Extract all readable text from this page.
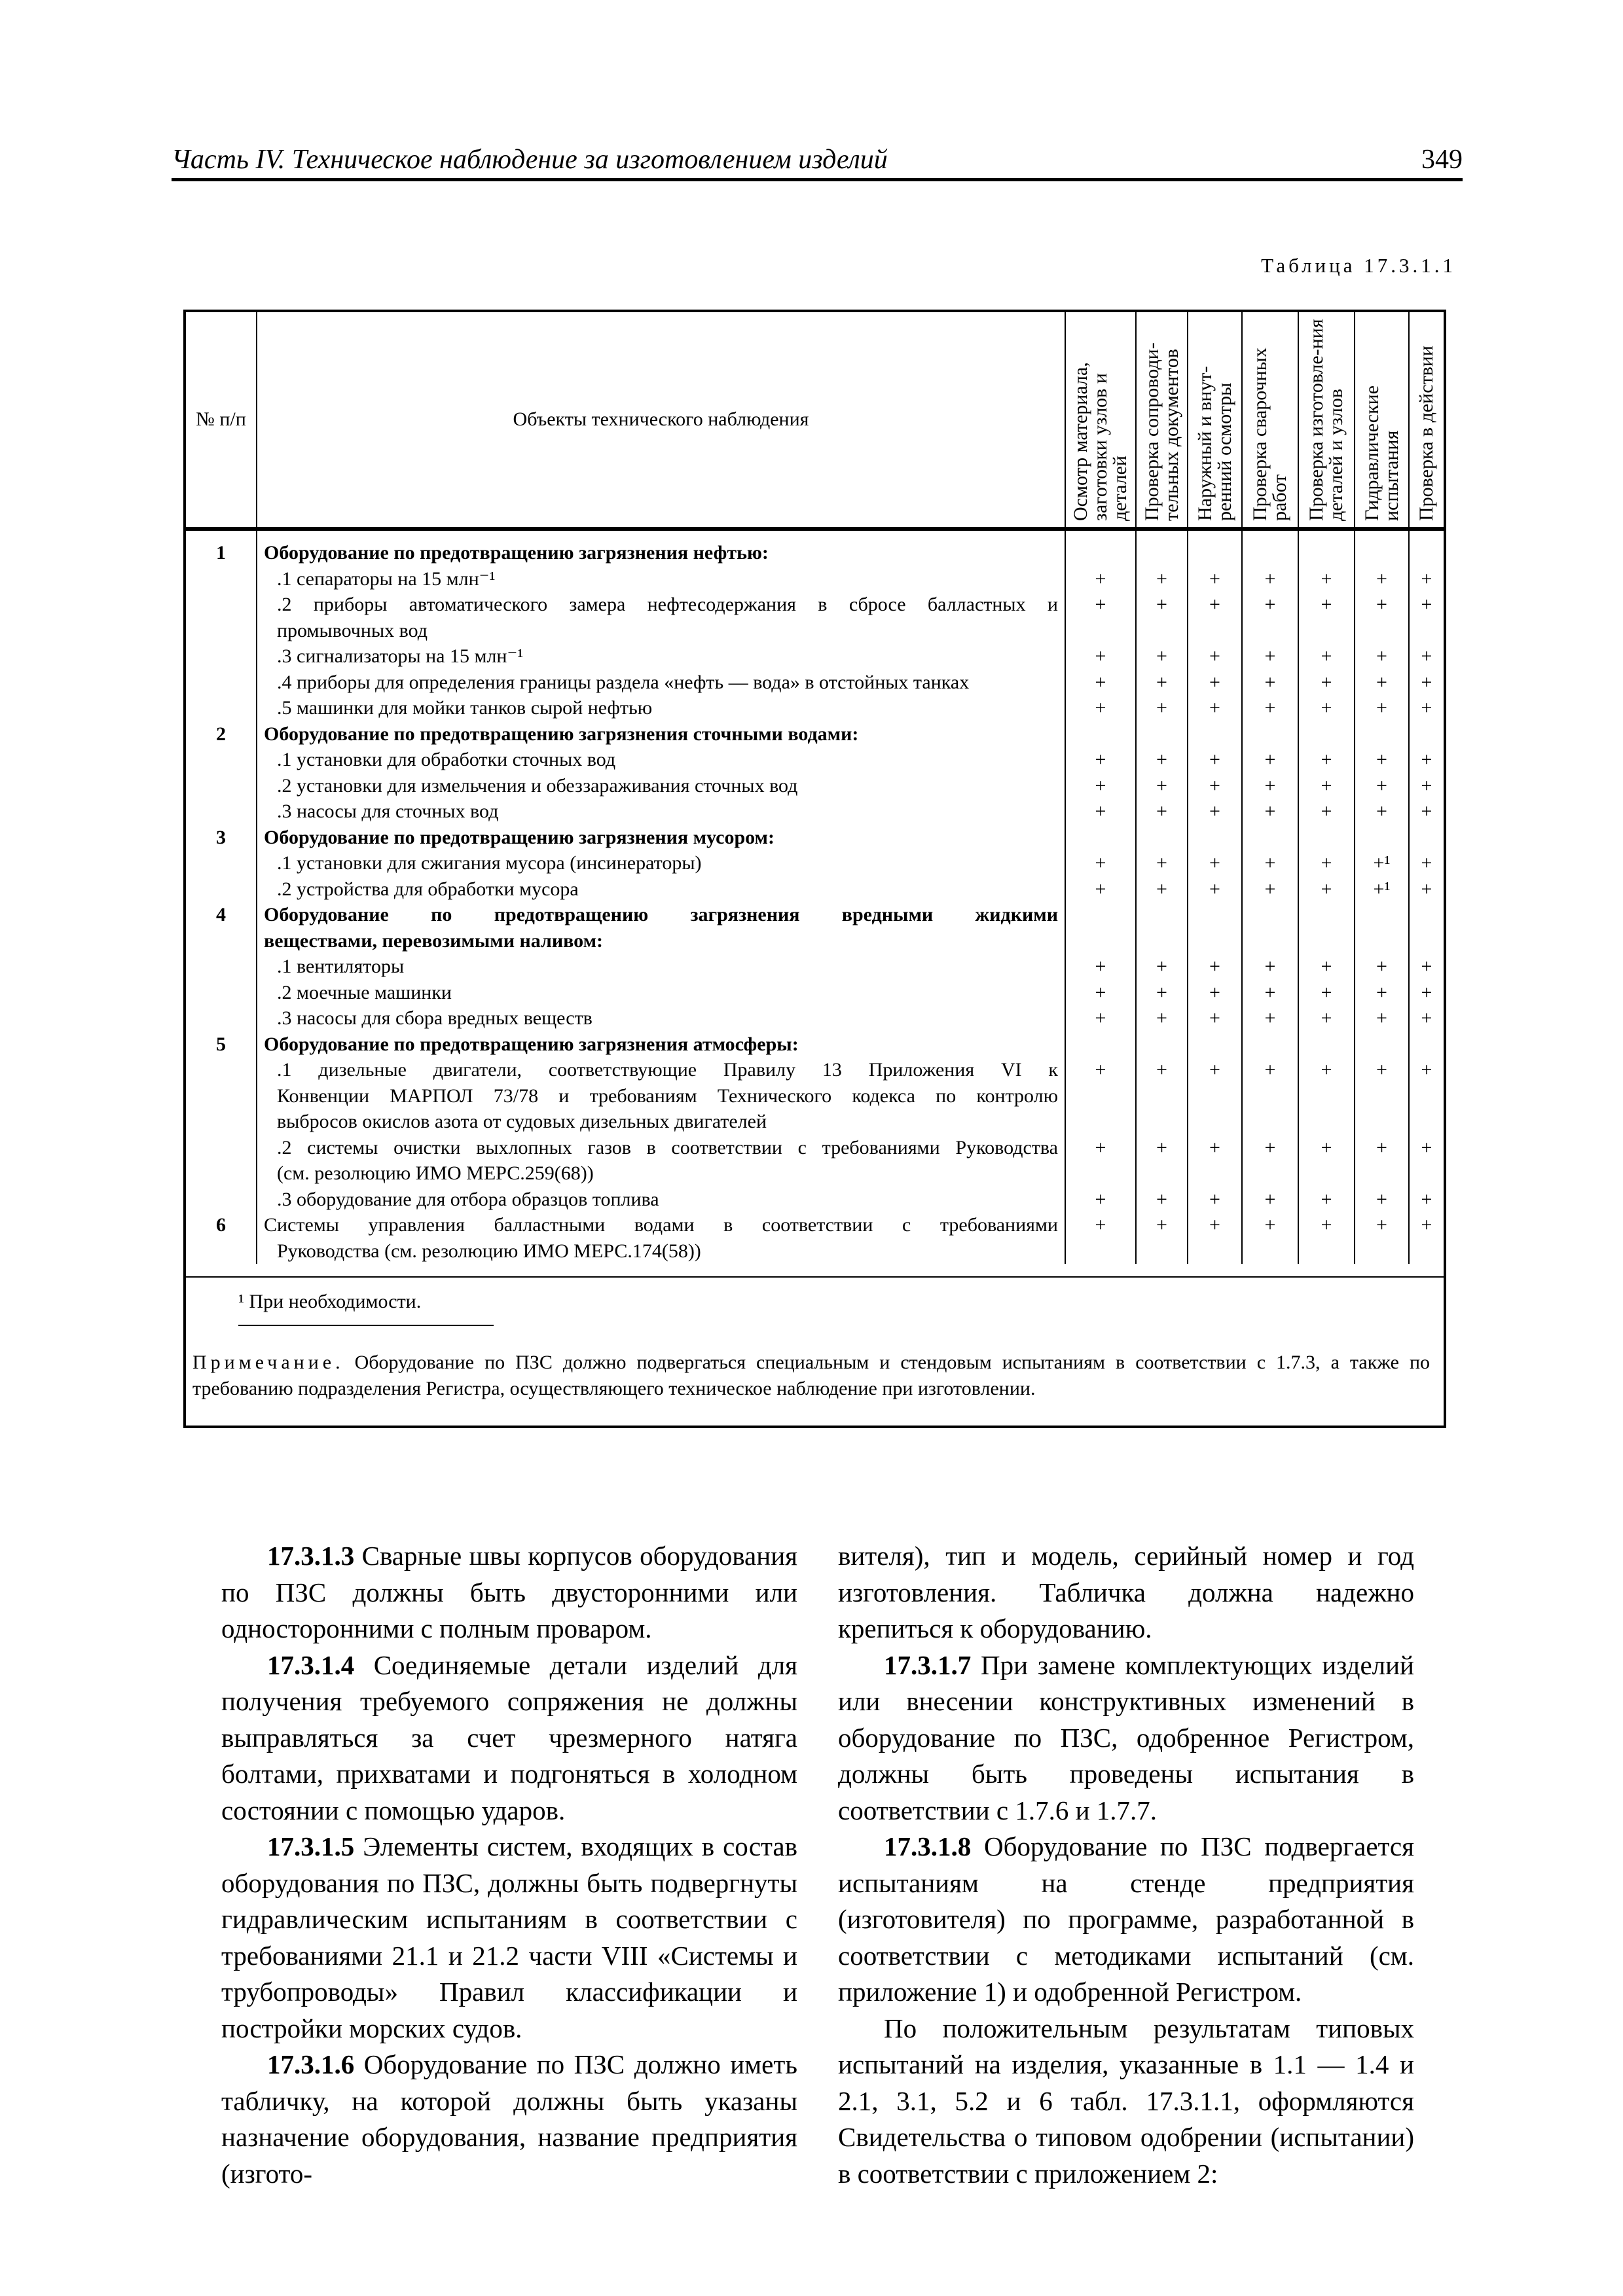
Часть IV. Техническое наблюдение за изготовлением изделий	349
Таблица 17.3.1.1
№ п/п	Объекты технического наблюдения	Осмотр материала, заготовки узлов и деталей	Проверка сопроводи-тельных документов	Наружный и внут-ренний осмотры	Проверка сварочных работ	Проверка изготовле-ния деталей и узлов	Гидравлические испытания	Проверка в действии

1	Оборудование по предотвращению загрязнения нефтью:							
	.1 сепараторы на 15 млн⁻¹	+	+	+	+	+	+	+
	.2 приборы автоматического замера нефтесодержания в сбросе балластных и	+	+	+	+	+	+	+
	промывочных вод							
	.3 сигнализаторы на 15 млн⁻¹	+	+	+	+	+	+	+
	.4 приборы для определения границы раздела «нефть — вода» в отстойных танках	+	+	+	+	+	+	+
	.5 машинки для мойки танков сырой нефтью	+	+	+	+	+	+	+
2	Оборудование по предотвращению загрязнения сточными водами:							
	.1 установки для обработки сточных вод	+	+	+	+	+	+	+
	.2 установки для измельчения и обеззараживания сточных вод	+	+	+	+	+	+	+
	.3 насосы для сточных вод	+	+	+	+	+	+	+
3	Оборудование по предотвращению загрязнения мусором:							
	.1 установки для сжигания мусора (инсинераторы)	+	+	+	+	+	+¹	+
	.2 устройства для обработки мусора	+	+	+	+	+	+¹	+
4	Оборудование по предотвращению загрязнения вредными жидкими							
	веществами, перевозимыми наливом:							
	.1 вентиляторы	+	+	+	+	+	+	+
	.2 моечные машинки	+	+	+	+	+	+	+
	.3 насосы для сбора вредных веществ	+	+	+	+	+	+	+
5	Оборудование по предотвращению загрязнения атмосферы:							
	.1 дизельные двигатели, соответствующие Правилу 13 Приложения VI к	+	+	+	+	+	+	+
	Конвенции МАРПОЛ 73/78 и требованиям Технического кодекса по контролю							
	выбросов окислов азота от судовых дизельных двигателей							
	.2 системы очистки выхлопных газов в соответствии с требованиями Руководства	+	+	+	+	+	+	+
	(см. резолюцию ИМО МЕРС.259(68))							
	.3 оборудование для отбора образцов топлива	+	+	+	+	+	+	+
6	Системы управления балластными водами в соответствии с требованиями	+	+	+	+	+	+	+
	Руководства (см. резолюцию ИМО МЕРС.174(58))							
¹ При необходимости.
Примечание. Оборудование по ПЗС должно подвергаться специальным и стендовым испытаниям в соответствии с 1.7.3, а также по требованию подразделения Регистра, осуществляющего техническое наблюдение при изготовлении.

17.3.1.3 Сварные швы корпусов оборудования по ПЗС должны быть двусторонними или односторонними с полным проваром.

17.3.1.4 Соединяемые детали изделий для получения требуемого сопряжения не должны выправляться за счет чрезмерного натяга болтами, прихватами и подгоняться в холодном состоянии с помощью ударов.

17.3.1.5 Элементы систем, входящих в состав оборудования по ПЗС, должны быть подвергнуты гидравлическим испытаниям в соответствии с требованиями 21.1 и 21.2 части VIII «Системы и трубопроводы» Правил классификации и постройки морских судов.

17.3.1.6 Оборудование по ПЗС должно иметь табличку, на которой должны быть указаны назначение оборудования, название предприятия (изгото-

вителя), тип и модель, серийный номер и год изготовления. Табличка должна надежно крепиться к оборудованию.

17.3.1.7 При замене комплектующих изделий или внесении конструктивных изменений в оборудование по ПЗС, одобренное Регистром, должны быть проведены испытания в соответствии с 1.7.6 и 1.7.7.

17.3.1.8 Оборудование по ПЗС подвергается испытаниям на стенде предприятия (изготовителя) по программе, разработанной в соответствии с методиками испытаний (см. приложение 1) и одобренной Регистром.

По положительным результатам типовых испытаний на изделия, указанные в 1.1 — 1.4 и 2.1, 3.1, 5.2 и 6 табл. 17.3.1.1, оформляются Свидетельства о типовом одобрении (испытании) в соответствии с приложением 2:
